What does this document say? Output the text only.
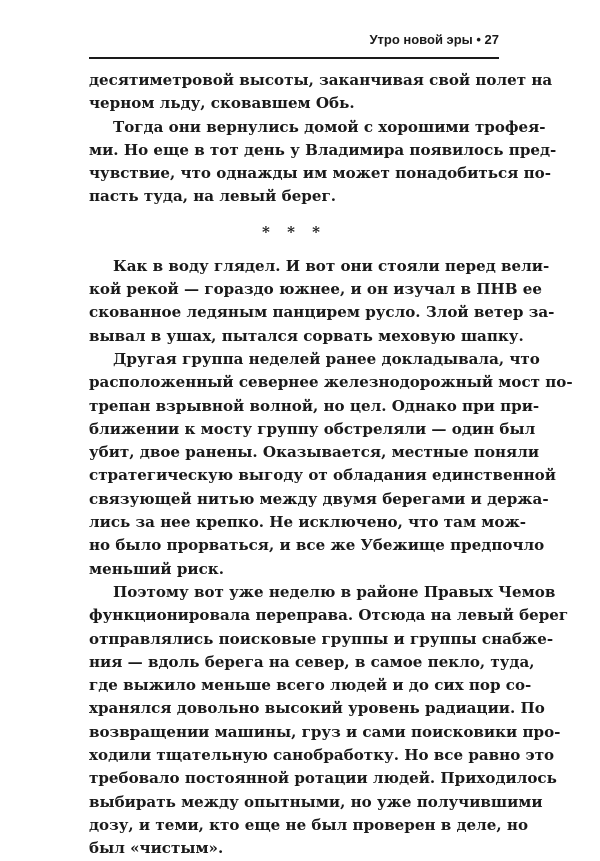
Утро новой эры • 27
десятиметровой высоты, заканчивая свой полет на
черном льду, сковавшем Обь.
Тогда они вернулись домой с хорошими трофея-
ми. Но еще в тот день у Владимира появилось пред-
чувствие, что однажды им может понадобиться по-
пасть туда, на левый берег.
* * *
Как в воду глядел. И вот они стояли перед вели-
кой рекой — гораздо южнее, и он изучал в ПНВ ее
скованное ледяным панцирем русло. Злой ветер за-
вывал в ушах, пытался сорвать меховую шапку.
Другая группа неделей ранее докладывала, что
расположенный севернее железнодорожный мост по-
трепан взрывной волной, но цел. Однако при при-
ближении к мосту группу обстреляли — один был
убит, двое ранены. Оказывается, местные поняли
стратегическую выгоду от обладания единственной
связующей нитью между двумя берегами и держа-
лись за нее крепко. Не исключено, что там мож-
но было прорваться, и все же Убежище предпочло
меньший риск.
Поэтому вот уже неделю в районе Правых Чемов
функционировала переправа. Отсюда на левый берег
отправлялись поисковые группы и группы снабже-
ния — вдоль берега на север, в самое пекло, туда,
где выжило меньше всего людей и до сих пор со-
хранялся довольно высокий уровень радиации. По
возвращении машины, груз и сами поисковики про-
ходили тщательную санобработку. Но все равно это
требовало постоянной ротации людей. Приходилось
выбирать между опытными, но уже получившими
дозу, и теми, кто еще не был проверен в деле, но
был «чистым».
